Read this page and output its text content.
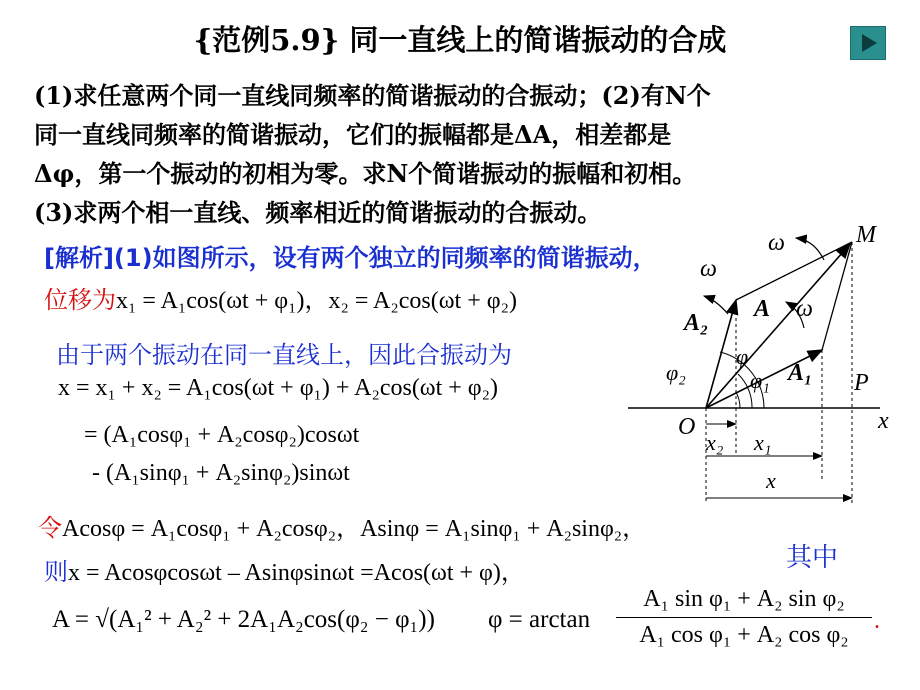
{范例5.9} 同一直线上的简谐振动的合成
(1)求任意两个同一直线同频率的简谐振动的合振动；(2)有N个
同一直线同频率的简谐振动，它们的振幅都是ΔA，相差都是
Δφ，第一个振动的初相为零。求N个简谐振动的振幅和初相。
(3)求两个相一直线、频率相近的简谐振动的合振动。
[解析](1)如图所示，设有两个独立的同频率的简谐振动，
位移为x₁ = A₁cos(ωt + φ₁)，x₂ = A₂cos(ωt + φ₂)
由于两个振动在同一直线上，因此合振动为
x = x₁ + x₂ = A₁cos(ωt + φ₁) + A₂cos(ωt + φ₂)
= (A₁cosφ₁ + A₂cosφ₂)cosωt
- (A₁sinφ₁ + A₂sinφ₂)sinωt
令Acosφ = A₁cosφ₁ + A₂cosφ₂，Asinφ = A₁sinφ₁ + A₂sinφ₂，
则x = Acosφcosωt – Asinφsinωt =Acos(ωt + φ)，	其中
A = √(A₁² + A₂² + 2A₁A₂cos(φ₂ − φ₁)) $\varphi = \arctan \frac{\text{A₁ sin φ₁ + A₂ sin φ₂}}{\text{A₁ cos φ₁ + A₂ cos φ₂}}$ .
M
P
O	x
A
A₁
A₂
ω
ω
ω
φ
φ₁
φ₂
x₂ x₁
x
